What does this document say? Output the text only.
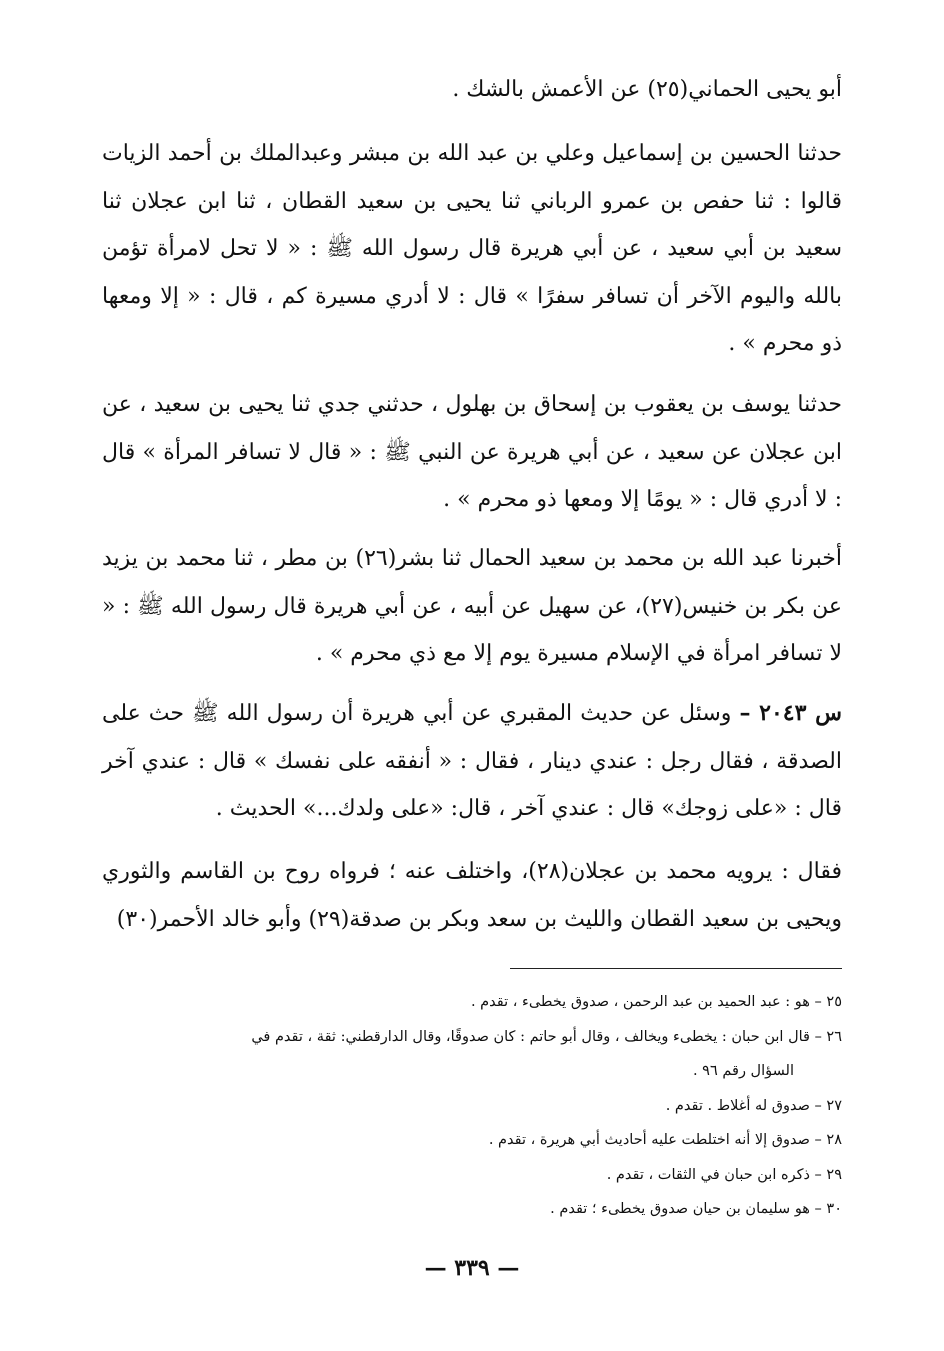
أبو يحيى الحماني(٢٥) عن الأعمش بالشك .

حدثنا الحسين بن إسماعيل وعلي بن عبد الله بن مبشر وعبدالملك بن أحمد الزيات قالوا : ثنا حفص بن عمرو الرباني ثنا يحيى بن سعيد القطان ، ثنا ابن عجلان ثنا سعيد بن أبي سعيد ، عن أبي هريرة قال رسول الله ﷺ : « لا تحل لامرأة تؤمن بالله واليوم الآخر أن تسافر سفرًا » قال : لا أدري مسيرة كم ، قال : « إلا ومعها ذو محرم » .

حدثنا يوسف بن يعقوب بن إسحاق بن بهلول ، حدثني جدي ثنا يحيى بن سعيد ، عن ابن عجلان عن سعيد ، عن أبي هريرة عن النبي ﷺ : « قال لا تسافر المرأة » قال : لا أدري قال : « يومًا إلا ومعها ذو محرم » .

أخبرنا عبد الله بن محمد بن سعيد الحمال ثنا بشر(٢٦) بن مطر ، ثنا محمد بن يزيد عن بكر بن خنيس(٢٧)، عن سهيل عن أبيه ، عن أبي هريرة قال رسول الله ﷺ : « لا تسافر امرأة في الإسلام مسيرة يوم إلا مع ذي محرم » .

س ٢٠٤٣ – وسئل عن حديث المقبري عن أبي هريرة أن رسول الله ﷺ حث على الصدقة ، فقال رجل : عندي دينار ، فقال : « أنفقه على نفسك » قال : عندي آخر قال : «على زوجك» قال : عندي آخر ، قال: «على ولدك...» الحديث .

فقال : يرويه محمد بن عجلان(٢٨)، واختلف عنه ؛ فرواه روح بن القاسم والثوري ويحيى بن سعيد القطان والليث بن سعد وبكر بن صدقة(٢٩) وأبو خالد الأحمر(٣٠)

٢٥ – هو : عبد الحميد بن عبد الرحمن ، صدوق يخطىء ، تقدم .
٢٦ – قال ابن حبان : يخطىء ويخالف ، وقال أبو حاتم : كان صدوقًا، وقال الدارقطني: ثقة ، تقدم في
السؤال رقم ٩٦ .
٢٧ – صدوق له أغلاط . تقدم .
٢٨ – صدوق إلا أنه اختلطت عليه أحاديث أبي هريرة ، تقدم .
٢٩ – ذكره ابن حبان في الثقات ، تقدم .
٣٠ – هو سليمان بن حيان صدوق يخطىء ؛ تقدم .
— ٣٣٩ —
